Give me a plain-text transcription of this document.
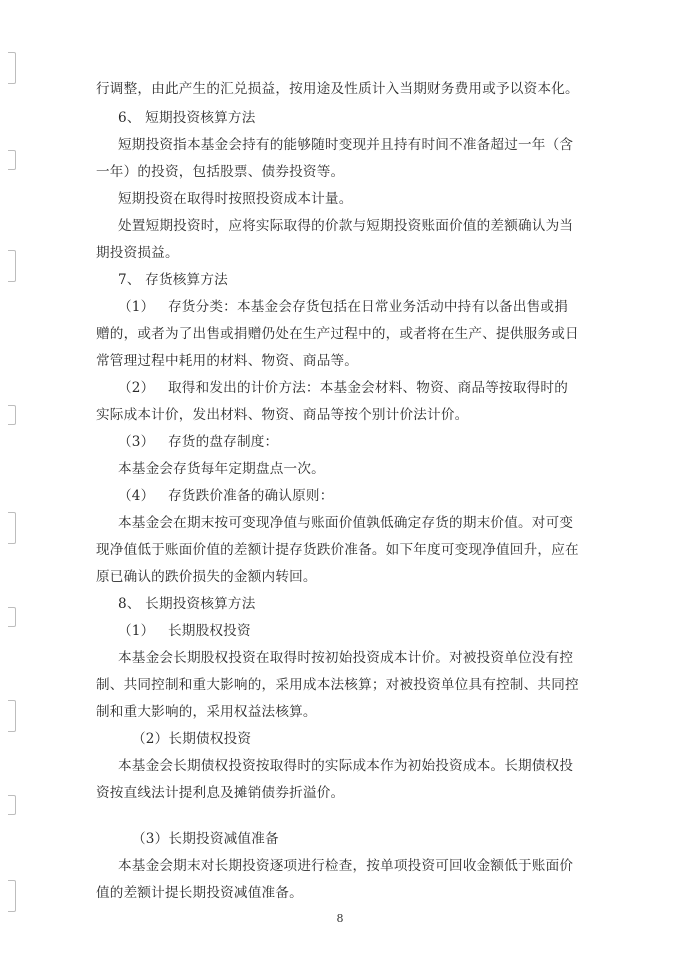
行调整，由此产生的汇兑损益，按用途及性质计入当期财务费用或予以资本化。
6、 短期投资核算方法
短期投资指本基金会持有的能够随时变现并且持有时间不准备超过一年（含
一年）的投资，包括股票、债券投资等。
短期投资在取得时按照投资成本计量。
处置短期投资时，应将实际取得的价款与短期投资账面价值的差额确认为当
期投资损益。
7、 存货核算方法
（1） 存货分类：本基金会存货包括在日常业务活动中持有以备出售或捐
赠的，或者为了出售或捐赠仍处在生产过程中的，或者将在生产、提供服务或日
常管理过程中耗用的材料、物资、商品等。
（2） 取得和发出的计价方法：本基金会材料、物资、商品等按取得时的
实际成本计价，发出材料、物资、商品等按个别计价法计价。
（3） 存货的盘存制度：
本基金会存货每年定期盘点一次。
（4） 存货跌价准备的确认原则：
本基金会在期末按可变现净值与账面价值孰低确定存货的期末价值。对可变
现净值低于账面价值的差额计提存货跌价准备。如下年度可变现净值回升，应在
原已确认的跌价损失的金额内转回。
8、 长期投资核算方法
（1） 长期股权投资
本基金会长期股权投资在取得时按初始投资成本计价。对被投资单位没有控
制、共同控制和重大影响的，采用成本法核算；对被投资单位具有控制、共同控
制和重大影响的，采用权益法核算。
（2）长期债权投资
本基金会长期债权投资按取得时的实际成本作为初始投资成本。长期债权投
资按直线法计提利息及摊销债券折溢价。
（3）长期投资减值准备
本基金会期末对长期投资逐项进行检查，按单项投资可回收金额低于账面价
值的差额计提长期投资减值准备。
8
